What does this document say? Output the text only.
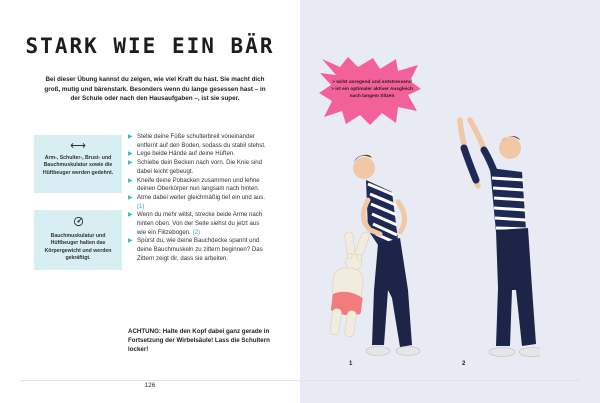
STARK WIE EIN BÄR
Bei dieser Übung kannst du zeigen, wie viel Kraft du hast. Sie macht dich groß, mutig und bärenstark. Besonders wenn du lange gesessen hast – in der Schule oder nach den Hausaufgaben –, ist sie super.
⟷
Arm-, Schulter-, Brust- und Bauchmuskulatur sowie die Hüftbeuger werden gedehnt.
Bauchmuskulatur und Hüftbeuger halten das Körpergewicht und werden gekräftigt.
▶ Stelle deine Füße schulterbreit voneinander entfernt auf den Boden, sodass du stabil stehst.
▶ Lege beide Hände auf deine Hüften.
▶ Schiebe dein Becken nach vorn. Die Knie sind dabei leicht gebeugt.
▶ Kneife deine Pobacken zusammen und lehne deinen Oberkörper nun langsam nach hinten.
▶ Atme dabei weiter gleichmäßig tief ein und aus. (1)
▶ Wenn du mehr willst, strecke beide Arme nach hinten oben. Von der Seite siehst du jetzt aus wie ein Flitzebogen. (2)
▶ Spürst du, wie deine Bauchdecke spannt und deine Bauchmuskeln zu zittern beginnen? Das Zittern zeigt dir, dass sie arbeiten.
ACHTUNG: Halte den Kopf dabei ganz gerade in Fortsetzung der Wirbelsäule! Lass die Schultern locker!
126
> wirkt anregend und entstressend
> ist ein optimaler aktiver Ausgleich
nach langem Sitzen
1	2
